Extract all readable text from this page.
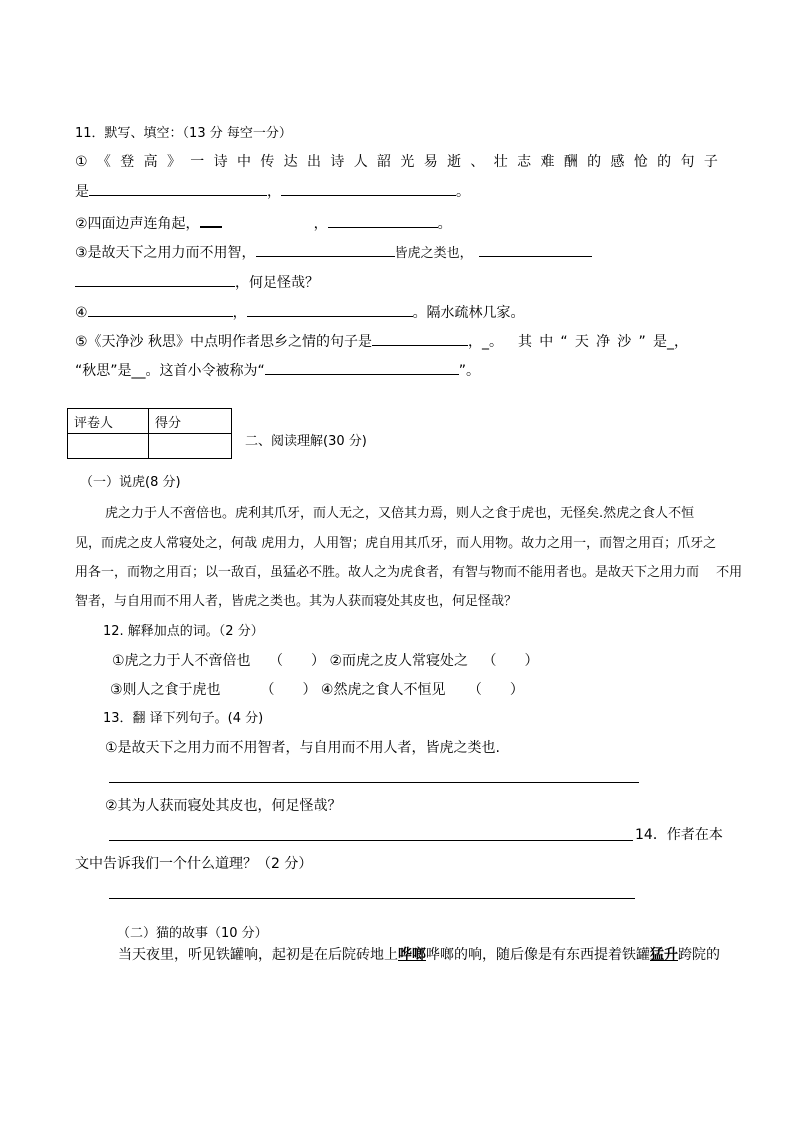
11．默写、填空：（13 分 每空一分）
① 《 登 高 》 一 诗 中 传 达 出 诗 人 韶 光 易 逝 、 壮 志 难 酬 的 感 怆 的 句 子
是	，	。
②四面边声连角起，	，	。
③是故天下之用力而不用智，	皆虎之类也，
，何足怪哉？
④	，	。隔水疏林几家。
⑤《天净沙 秋思》中点明作者思乡之情的句子是	，_。 其 中 “ 天 净 沙 ” 是_，
“秋思”是__。这首小令被称为“	”。
评卷人	得分

二、阅读理解(30 分)
（一）说虎(8 分)
虎之力于人不啻倍也。虎利其爪牙，而人无之，又倍其力焉，则人之食于虎也，无怪矣.然虎之食人不恒
见，而虎之皮人常寝处之，何哉 虎用力，人用智；虎自用其爪牙，而人用物。故力之用一，而智之用百；爪牙之
用各一，而物之用百；以一敌百，虽猛必不胜。故人之为虎食者，有智与物而不能用者也。是故天下之用力而　 不用
智者，与自用而不用人者，皆虎之类也。其为人获而寝处其皮也，何足怪哉？
12. 解释加点的词。（2 分）
①虎之力于人不啻倍也 （　　） ②而虎之皮人常寝处之 （　　）
③则人之食于虎也	（　　） ④然虎之食人不恒见 （　　）
13．翻 译下列句子。(4 分)
①是故天下之用力而不用智者，与自用而不用人者，皆虎之类也.
②其为人获而寝处其皮也，何足怪哉？
14．作者在本
文中告诉我们一个什么道理？（2 分）
（二）猫的故事（10 分）
当天夜里，听见铁罐响，起初是在后院砖地上哗啷哗啷的响，随后像是有东西提着铁罐猛升跨院的
